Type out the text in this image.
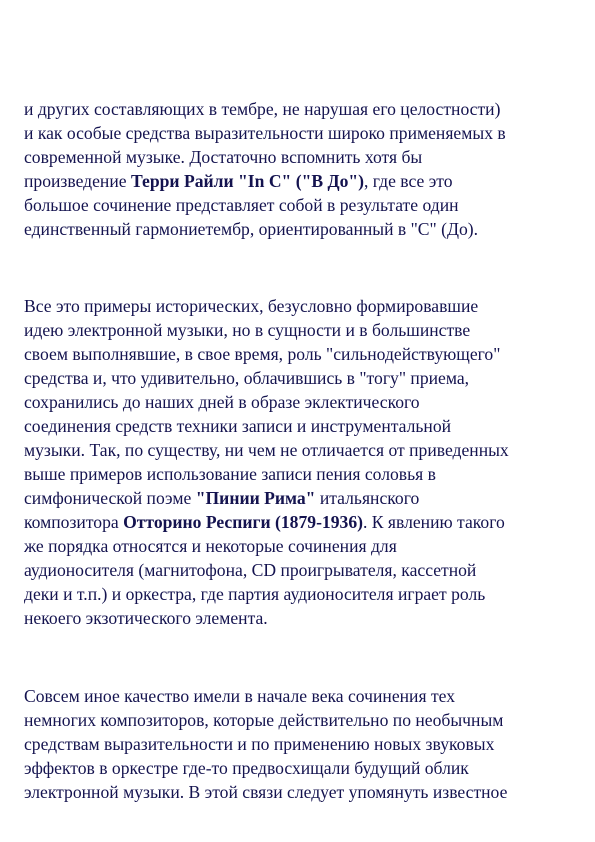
и других составляющих в тембре, не нарушая его целостности)
и как особые средства выразительности широко применяемых в
современной музыке. Достаточно вспомнить хотя бы
произведение Терри Райли "In C" ("В До"), где все это
большое сочинение представляет собой в результате один
единственный гармониетембр, ориентированный в "С" (До).
Все это примеры исторических, безусловно формировавшие
идею электронной музыки, но в сущности и в большинстве
своем выполнявшие, в свое время, роль "сильнодействующего"
средства и, что удивительно, облачившись в "тогу" приема,
сохранились до наших дней в образе эклектического
соединения средств техники записи и инструментальной
музыки. Так, по существу, ни чем не отличается от приведенных
выше примеров использование записи пения соловья в
симфонической поэме "Пинии Рима" итальянского
композитора Отторино Респиги (1879-1936). К явлению такого
же порядка относятся и некоторые сочинения для
аудионосителя (магнитофона, CD проигрывателя, кассетной
деки и т.п.) и оркестра, где партия аудионосителя играет роль
некоего экзотического элемента.
Совсем иное качество имели в начале века сочинения тех
немногих композиторов, которые действительно по необычным
средствам выразительности и по применению новых звуковых
эффектов в оркестре где-то предвосхищали будущий облик
электронной музыки. В этой связи следует упомянуть известное
